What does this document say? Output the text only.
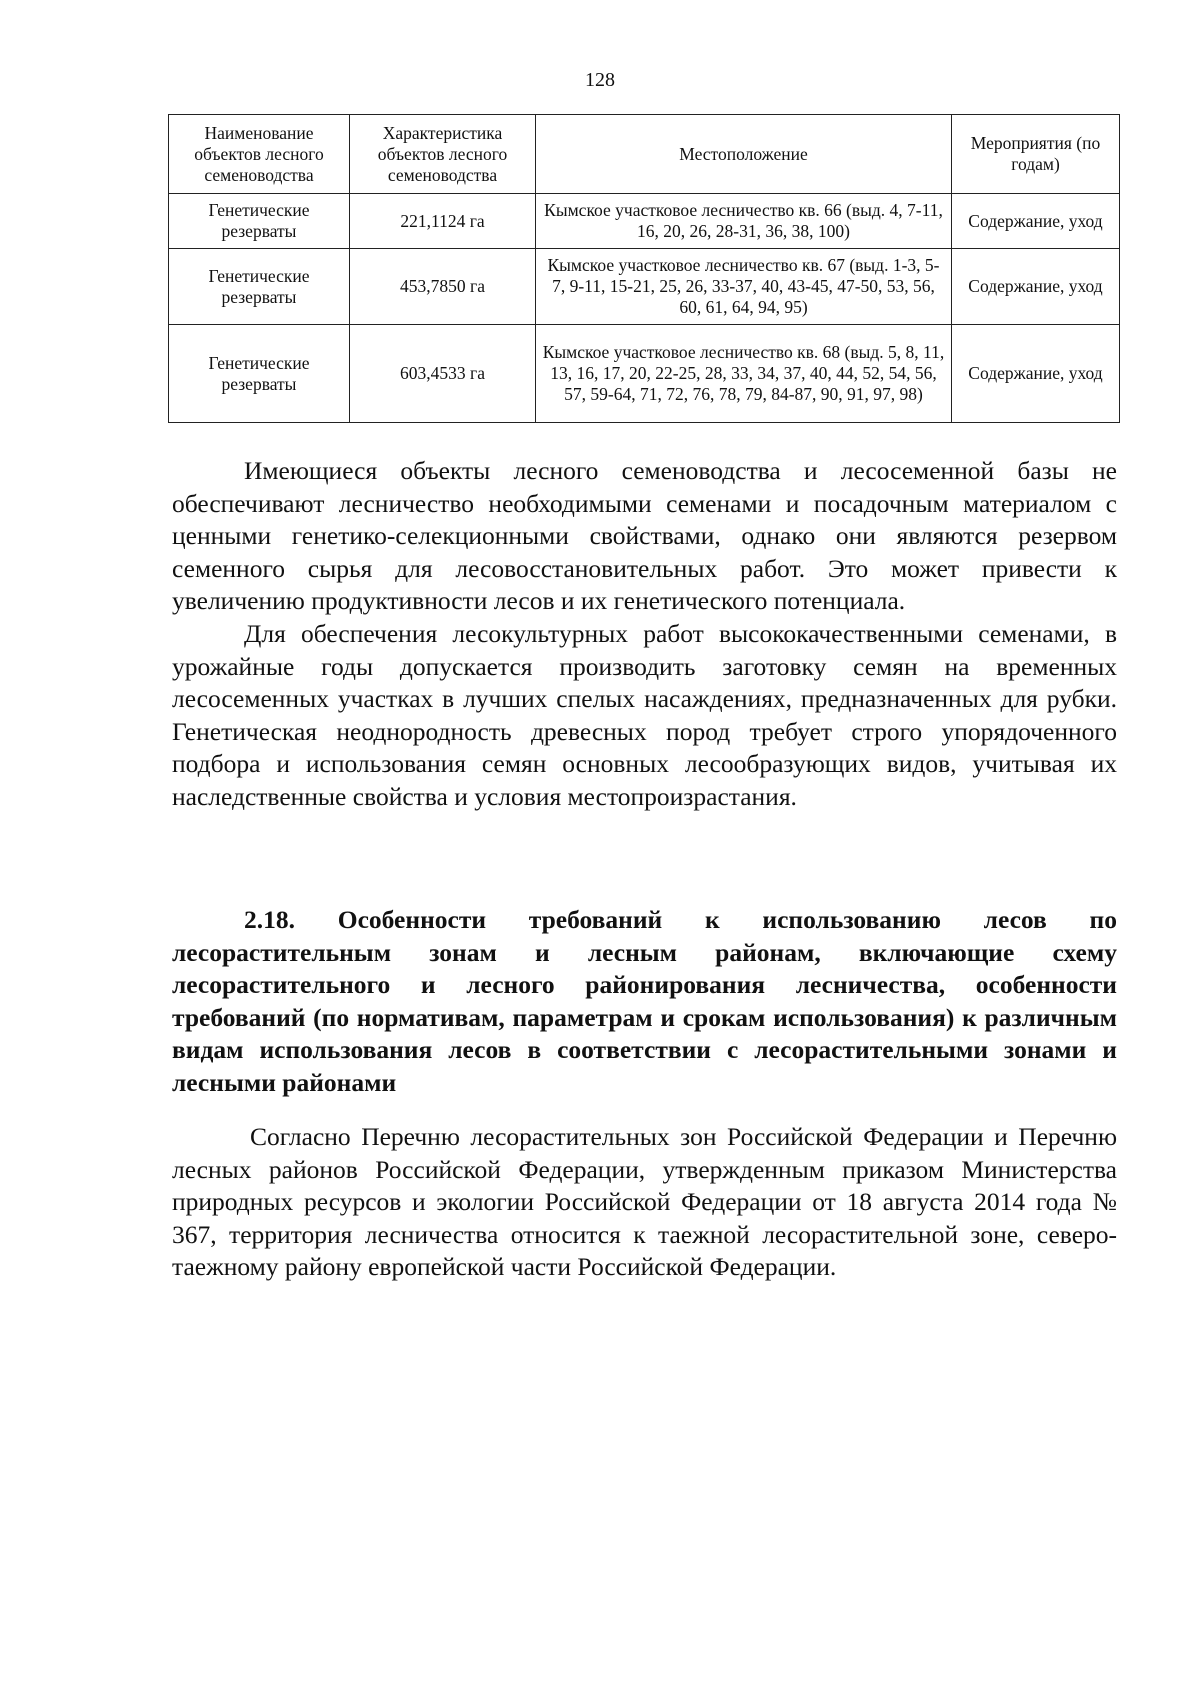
128
Наименование объектов лесного семеноводства	Характеристика объектов лесного семеноводства	Местоположение	Мероприятия (по годам)
Генетические резерваты	221,1124 га	Кымское участковое лесничество кв. 66 (выд. 4, 7-11, 16, 20, 26, 28-31, 36, 38, 100)	Содержание, уход
Генетические резерваты	453,7850 га	Кымское участковое лесничество кв. 67 (выд. 1-3, 5-7, 9-11, 15-21, 25, 26, 33-37, 40, 43-45, 47-50, 53, 56, 60, 61, 64, 94, 95)	Содержание, уход
Генетические резерваты	603,4533 га	Кымское участковое лесничество кв. 68 (выд. 5, 8, 11, 13, 16, 17, 20, 22-25, 28, 33, 34, 37, 40, 44, 52, 54, 56, 57, 59-64, 71, 72, 76, 78, 79, 84-87, 90, 91, 97, 98)	Содержание, уход

Имеющиеся объекты лесного семеноводства и лесосеменной базы не обеспечивают лесничество необходимыми семенами и посадочным материалом с ценными генетико-селекционными свойствами, однако они являются резервом семенного сырья для лесовосстановительных работ. Это может привести к увеличению продуктивности лесов и их генетического потенциала.

Для обеспечения лесокультурных работ высококачественными семенами, в урожайные годы допускается производить заготовку семян на временных лесосеменных участках в лучших спелых насаждениях, предназначенных для рубки. Генетическая неоднородность древесных пород требует строго упорядоченного подбора и использования семян основных лесообразующих видов, учитывая их наследственные свойства и условия местопроизрастания.

2.18. Особенности требований к использованию лесов по лесорастительным зонам и лесным районам, включающие схему лесорастительного и лесного районирования лесничества, особенности требований (по нормативам, параметрам и срокам использования) к различным видам использования лесов в соответствии с лесорастительными зонами и лесными районами

Согласно Перечню лесорастительных зон Российской Федерации и Перечню лесных районов Российской Федерации, утвержденным приказом Министерства природных ресурсов и экологии Российской Федерации от 18 августа 2014 года № 367, территория лесничества относится к таежной лесорастительной зоне, северо-таежному району европейской части Российской Федерации.
